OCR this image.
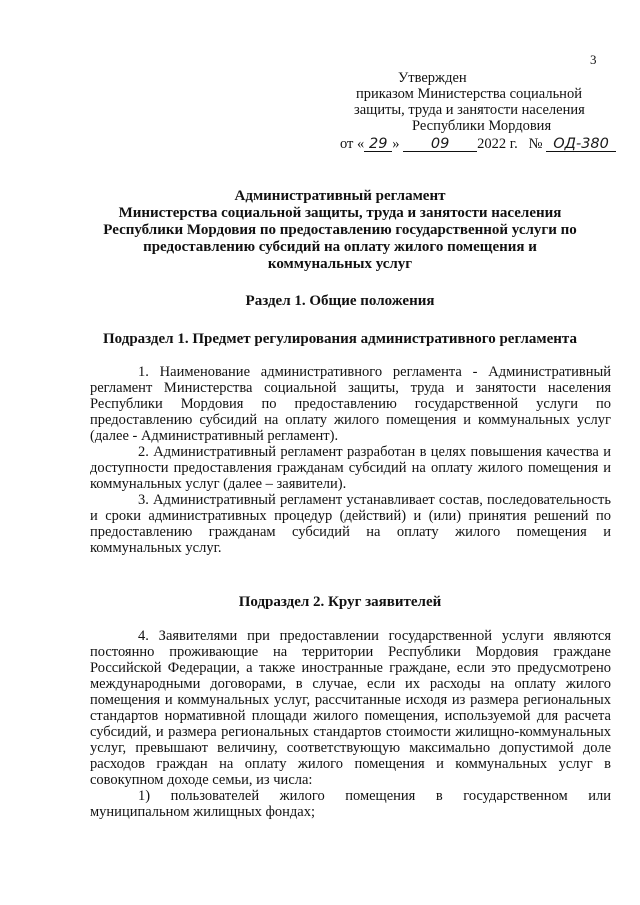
3
Утвержден
приказом Министерства социальной
защиты, труда и занятости населения
Республики Мордовия
от « 29 » 09 2022 г. № ОД-380
Административный регламент
Министерства социальной защиты, труда и занятости населения
Республики Мордовия по предоставлению государственной услуги по
предоставлению субсидий на оплату жилого помещения и
коммунальных услуг
Раздел 1. Общие положения
Подраздел 1. Предмет регулирования административного регламента

1. Наименование административного регламента - Административный регламент Министерства социальной защиты, труда и занятости населения Республики Мордовия по предоставлению государственной услуги по предоставлению субсидий на оплату жилого помещения и коммунальных услуг (далее - Административный регламент).

2. Административный регламент разработан в целях повышения качества и доступности предоставления гражданам субсидий на оплату жилого помещения и коммунальных услуг (далее – заявители).

3. Административный регламент устанавливает состав, последовательность и сроки административных процедур (действий) и (или) принятия решений по предоставлению гражданам субсидий на оплату жилого помещения и коммунальных услуг.

Подраздел 2. Круг заявителей

4. Заявителями при предоставлении государственной услуги являются постоянно проживающие на территории Республики Мордовия граждане Российской Федерации, а также иностранные граждане, если это предусмотрено международными договорами, в случае, если их расходы на оплату жилого помещения и коммунальных услуг, рассчитанные исходя из размера региональных стандартов нормативной площади жилого помещения, используемой для расчета субсидий, и размера региональных стандартов стоимости жилищно-коммунальных услуг, превышают величину, соответствующую максимально допустимой доле расходов граждан на оплату жилого помещения и коммунальных услуг в совокупном доходе семьи, из числа:

1) пользователей жилого помещения в государственном или муниципальном жилищных фондах;
